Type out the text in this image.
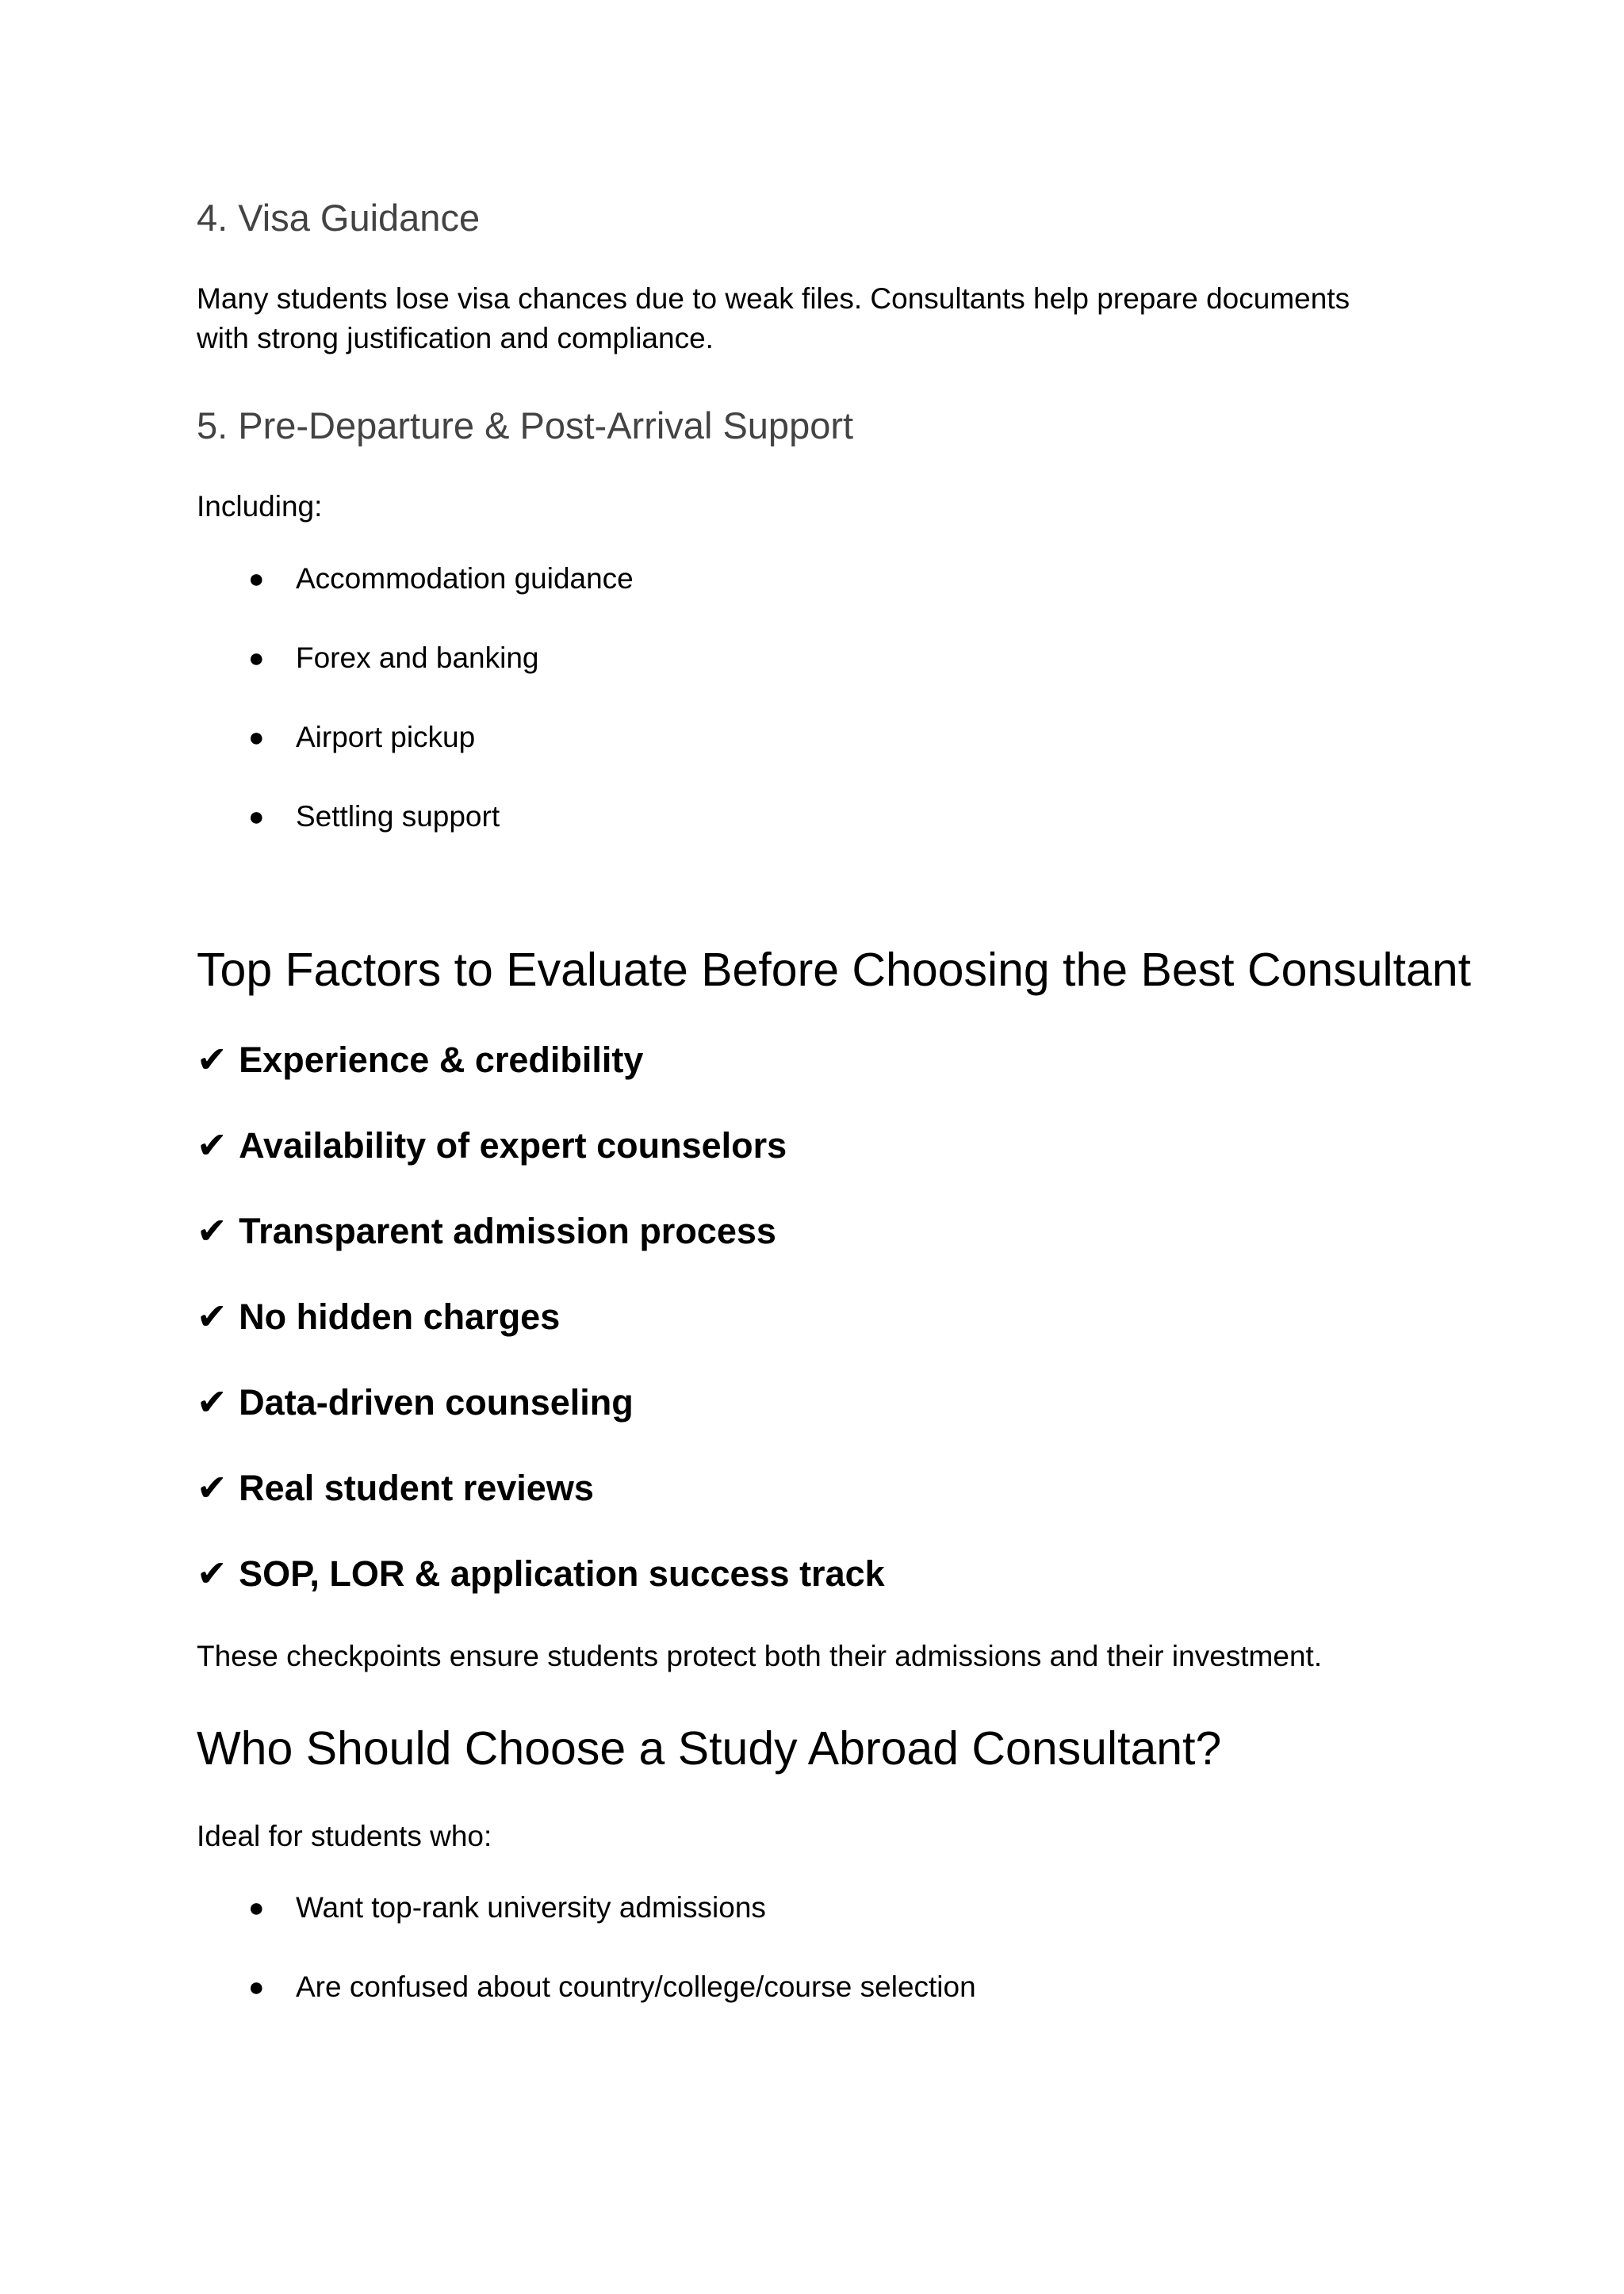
4. Visa Guidance

Many students lose visa chances due to weak files. Consultants help prepare documents

with strong justification and compliance.

5. Pre-Departure & Post-Arrival Support

Including:

● Accommodation guidance
● Forex and banking
● Airport pickup
● Settling support
Top Factors to Evaluate Before Choosing the Best Consultant
✔ Experience & credibility
✔ Availability of expert counselors
✔ Transparent admission process
✔ No hidden charges
✔ Data-driven counseling
✔ Real student reviews
✔ SOP, LOR & application success track

These checkpoints ensure students protect both their admissions and their investment.

Who Should Choose a Study Abroad Consultant?

Ideal for students who:

● Want top-rank university admissions
● Are confused about country/college/course selection
